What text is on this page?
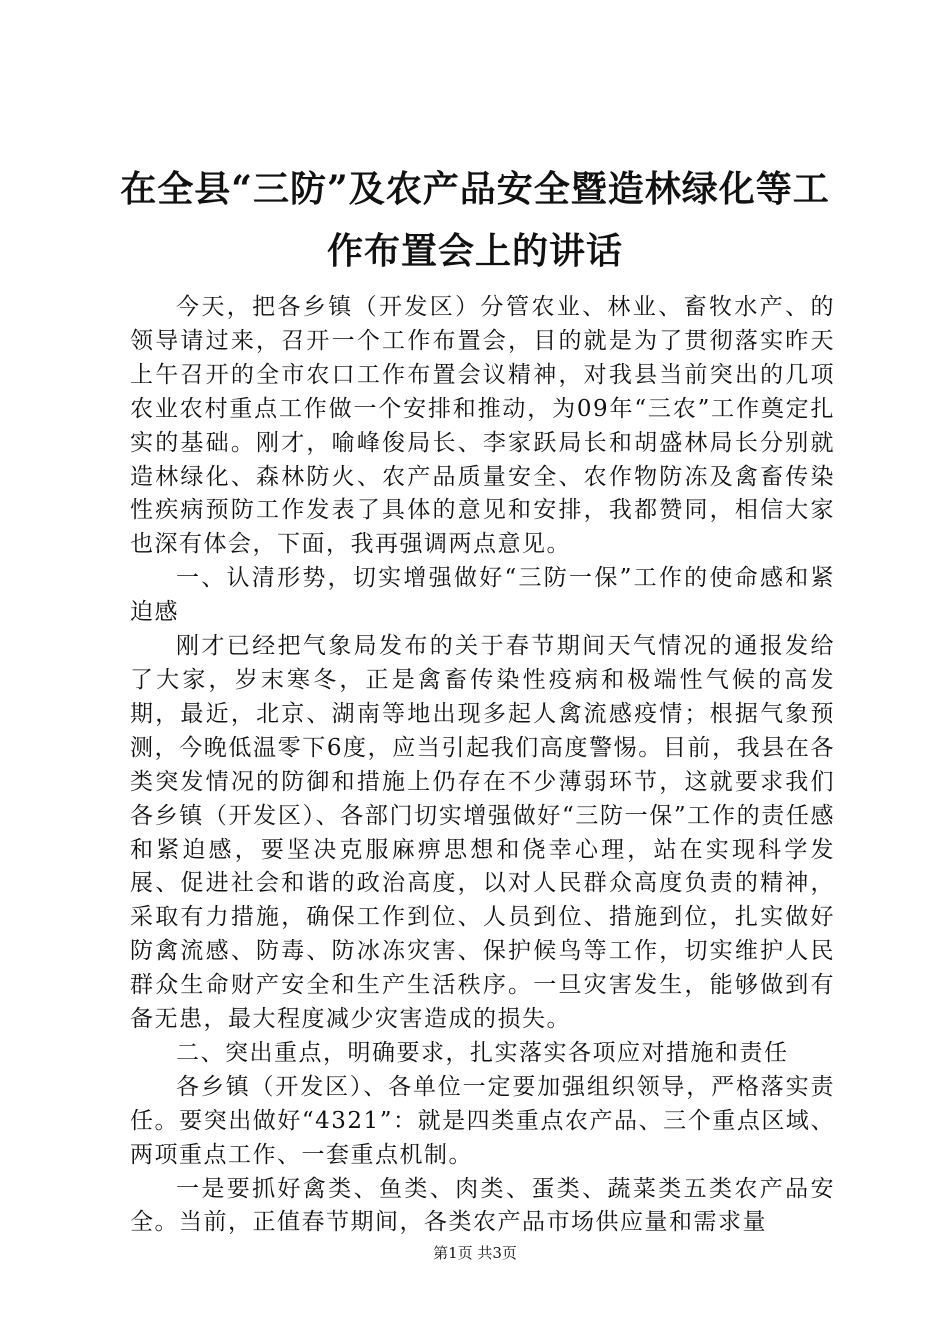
在全县“三防”及农产品安全暨造林绿化等工
作布置会上的讲话

今天，把各乡镇（开发区）分管农业、林业、畜牧水产、的领导请过来，召开一个工作布置会，目的就是为了贯彻落实昨天上午召开的全市农口工作布置会议精神，对我县当前突出的几项农业农村重点工作做一个安排和推动，为09年“三农”工作奠定扎实的基础。刚才，喻峰俊局长、李家跃局长和胡盛林局长分别就造林绿化、森林防火、农产品质量安全、农作物防冻及禽畜传染性疾病预防工作发表了具体的意见和安排，我都赞同，相信大家也深有体会，下面，我再强调两点意见。

一、认清形势，切实增强做好“三防一保”工作的使命感和紧迫感

刚才已经把气象局发布的关于春节期间天气情况的通报发给了大家，岁末寒冬，正是禽畜传染性疫病和极端性气候的高发期，最近，北京、湖南等地出现多起人禽流感疫情；根据气象预测，今晚低温零下6度，应当引起我们高度警惕。目前，我县在各类突发情况的防御和措施上仍存在不少薄弱环节，这就要求我们各乡镇（开发区）、各部门切实增强做好“三防一保”工作的责任感和紧迫感，要坚决克服麻痹思想和侥幸心理，站在实现科学发展、促进社会和谐的政治高度，以对人民群众高度负责的精神，采取有力措施，确保工作到位、人员到位、措施到位，扎实做好防禽流感、防毒、防冰冻灾害、保护候鸟等工作，切实维护人民群众生命财产安全和生产生活秩序。一旦灾害发生，能够做到有备无患，最大程度减少灾害造成的损失。

二、突出重点，明确要求，扎实落实各项应对措施和责任

各乡镇（开发区）、各单位一定要加强组织领导，严格落实责任。要突出做好“4321”：就是四类重点农产品、三个重点区域、两项重点工作、一套重点机制。

一是要抓好禽类、鱼类、肉类、蛋类、蔬菜类五类农产品安全。当前，正值春节期间，各类农产品市场供应量和需求量

第1页 共3页
